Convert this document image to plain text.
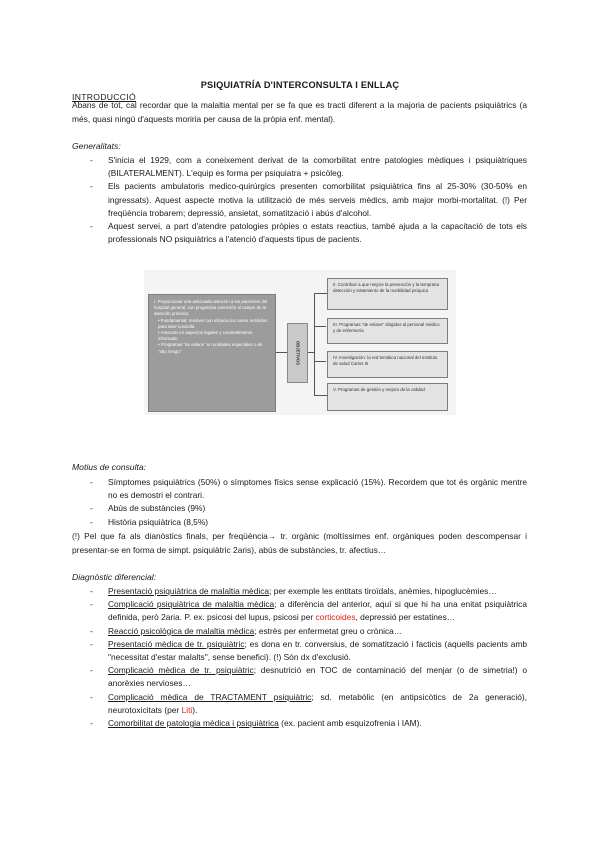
PSIQUIATRÍA D'INTERCONSULTA I ENLLAÇ
INTRODUCCIÓ
Abans de tot, cal recordar que la malaltia mental per se fa que es tracti diferent a la majoria de pacients psiquiàtrics (a més, quasi ningú d'aquests moriria per causa de la pròpia enf. mental).
Generalitats:
- S'inicia el 1929, com a coneixement derivat de la comorbilitat entre patologies mèdiques i psiquiàtriques (BILATERALMENT). L'equip es forma per psiquiatra + psicòleg.
- Els pacients ambulatoris medico-quirúrgics presenten comorbilitat psiquiàtrica fins al 25-30% (30-50% en ingressats). Aquest aspecte motiva la utilització de més serveis mèdics, amb major morbi-mortalitat. (!) Per freqüència trobarem; depressió, ansietat, somatització i abús d'alcohol.
- Aquest servei, a part d'atendre patologies pròpies o estats reactius, també ajuda a la capacitació de tots els professionals NO psiquiàtrics a l'atenció d'aquests tipus de pacients.
I. Proporcionar una adecuada atención a los pacientes del hospital general, con progresiva extensión al campo de la atención primaria:
• Fundamental: resolver con eficacia los casos remitidos para inter-consulta
• Asesorar en aspectos legales y consentimiento informado
• Programas "de enlace" en unidades especiales o de "alto riesgo"	OBJETIVOS
II. Contribuir a que mejore la prevención y la temprana detección y tratamiento de la morbilidad psíquica
III. Programas "de enlace" dirigidos al personal médico y de enfermería
IV. Investigación: la red temática nacional del Instituto de salud Carlos III
V. Programas de gestión y mejora de la calidad
Motius de consulta:
- Símptomes psiquiàtrics (50%) o símptomes físics sense explicació (15%). Recordem que tot és orgànic mentre no es demostri el contrari.
- Abús de substàncies (9%)
- Història psiquiàtrica (8,5%)
(!) Pel que fa als dianòstics finals, per freqüència→ tr. orgànic (moltíssimes enf. orgàniques poden descompensar i presentar-se en forma de simpt. psiquiàtric 2aris), abús de substàncies, tr. afectius…
Diagnòstic diferencial:
- Presentació psiquiàtrica de malaltia mèdica; per exemple les entitats tiroïdals, anèmies, hipoglucèmies…
- Complicació psiquiàtrica de malaltia mèdica; a diferència del anterior, aquí si que hi ha una enitat psiquiàtrica definida, però 2aria. P. ex. psicosi del lupus, psicosi per corticoides, depressió per estatines…
- Reacció psicològica de malaltia mèdica; estrès per enfermetat greu o crònica…
- Presentació mèdica de tr. psiquiàtric; es dona en tr. conversius, de somatització i facticis (aquells pacients amb "necessitat d'estar malalts", sense benefici). (!) Són dx d'exclusió.
- Complicació mèdica de tr. psiquiàtric; desnutrició en TOC de contaminació del menjar (o de simetria!) o anorèxies nervioses…
- Complicació mèdica de TRACTAMENT psiquiàtric; sd. metabòlic (en antipsicòtics de 2a generació), neurotoxicitats (per Liti).
- Comorbilitat de patologia mèdica i psiquiàtrica (ex. pacient amb esquizofrenia i IAM).
